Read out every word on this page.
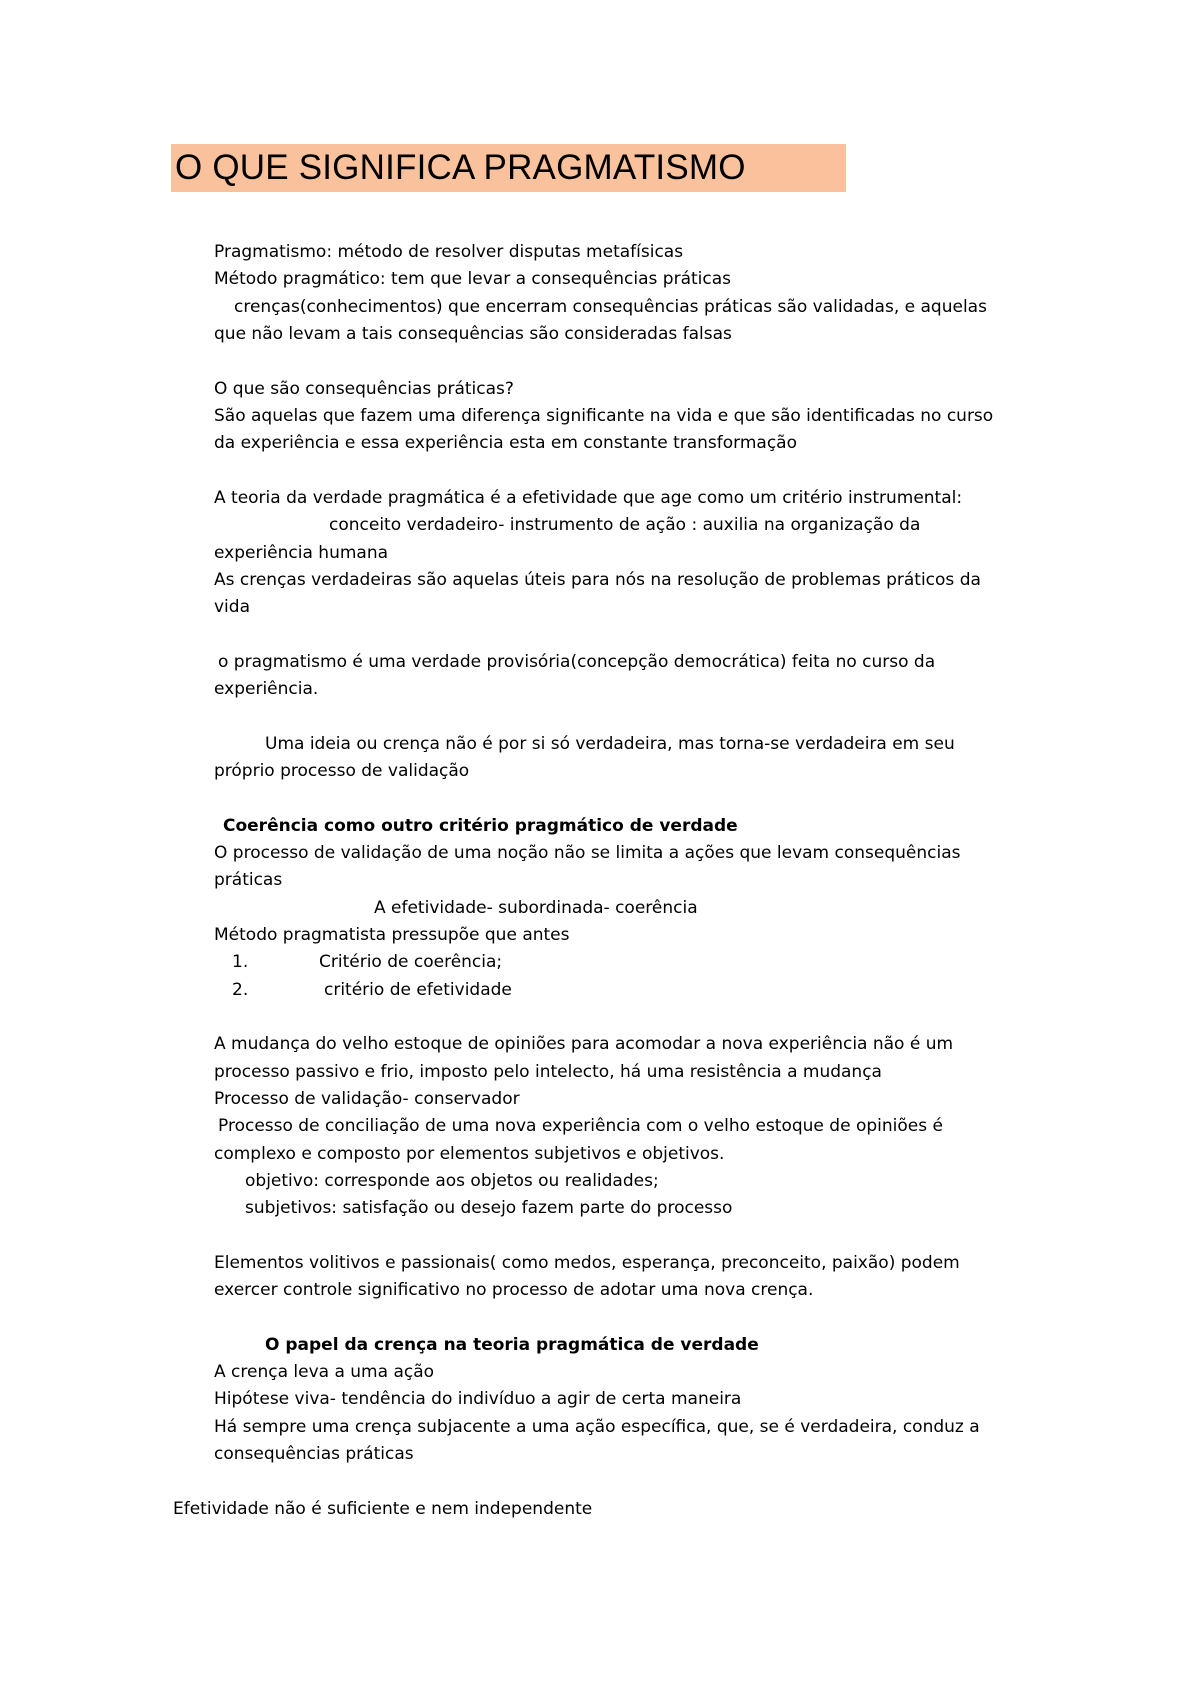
O QUE SIGNIFICA PRAGMATISMO
Pragmatismo: método de resolver disputas metafísicas
Método pragmático: tem que levar a consequências práticas
crenças(conhecimentos) que encerram consequências práticas são validadas, e aquelas
que não levam a tais consequências são consideradas falsas
O que são consequências práticas?
São aquelas que fazem uma diferença significante na vida e que são identificadas no curso
da experiência e essa experiência esta em constante transformação
A teoria da verdade pragmática é a efetividade que age como um critério instrumental:
conceito verdadeiro- instrumento de ação : auxilia na organização da
experiência humana
As crenças verdadeiras são aquelas úteis para nós na resolução de problemas práticos da
vida
o pragmatismo é uma verdade provisória(concepção democrática) feita no curso da
experiência.
Uma ideia ou crença não é por si só verdadeira, mas torna-se verdadeira em seu
próprio processo de validação
Coerência como outro critério pragmático de verdade
O processo de validação de uma noção não se limita a ações que levam consequências
práticas
A efetividade- subordinada- coerência
Método pragmatista pressupõe que antes
1.	Critério de coerência;
2.	critério de efetividade
A mudança do velho estoque de opiniões para acomodar a nova experiência não é um
processo passivo e frio, imposto pelo intelecto, há uma resistência a mudança
Processo de validação- conservador
Processo de conciliação de uma nova experiência com o velho estoque de opiniões é
complexo e composto por elementos subjetivos e objetivos.
objetivo: corresponde aos objetos ou realidades;
subjetivos: satisfação ou desejo fazem parte do processo
Elementos volitivos e passionais( como medos, esperança, preconceito, paixão) podem
exercer controle significativo no processo de adotar uma nova crença.
O papel da crença na teoria pragmática de verdade
A crença leva a uma ação
Hipótese viva- tendência do indivíduo a agir de certa maneira
Há sempre uma crença subjacente a uma ação específica, que, se é verdadeira, conduz a
consequências práticas
Efetividade não é suficiente e nem independente
